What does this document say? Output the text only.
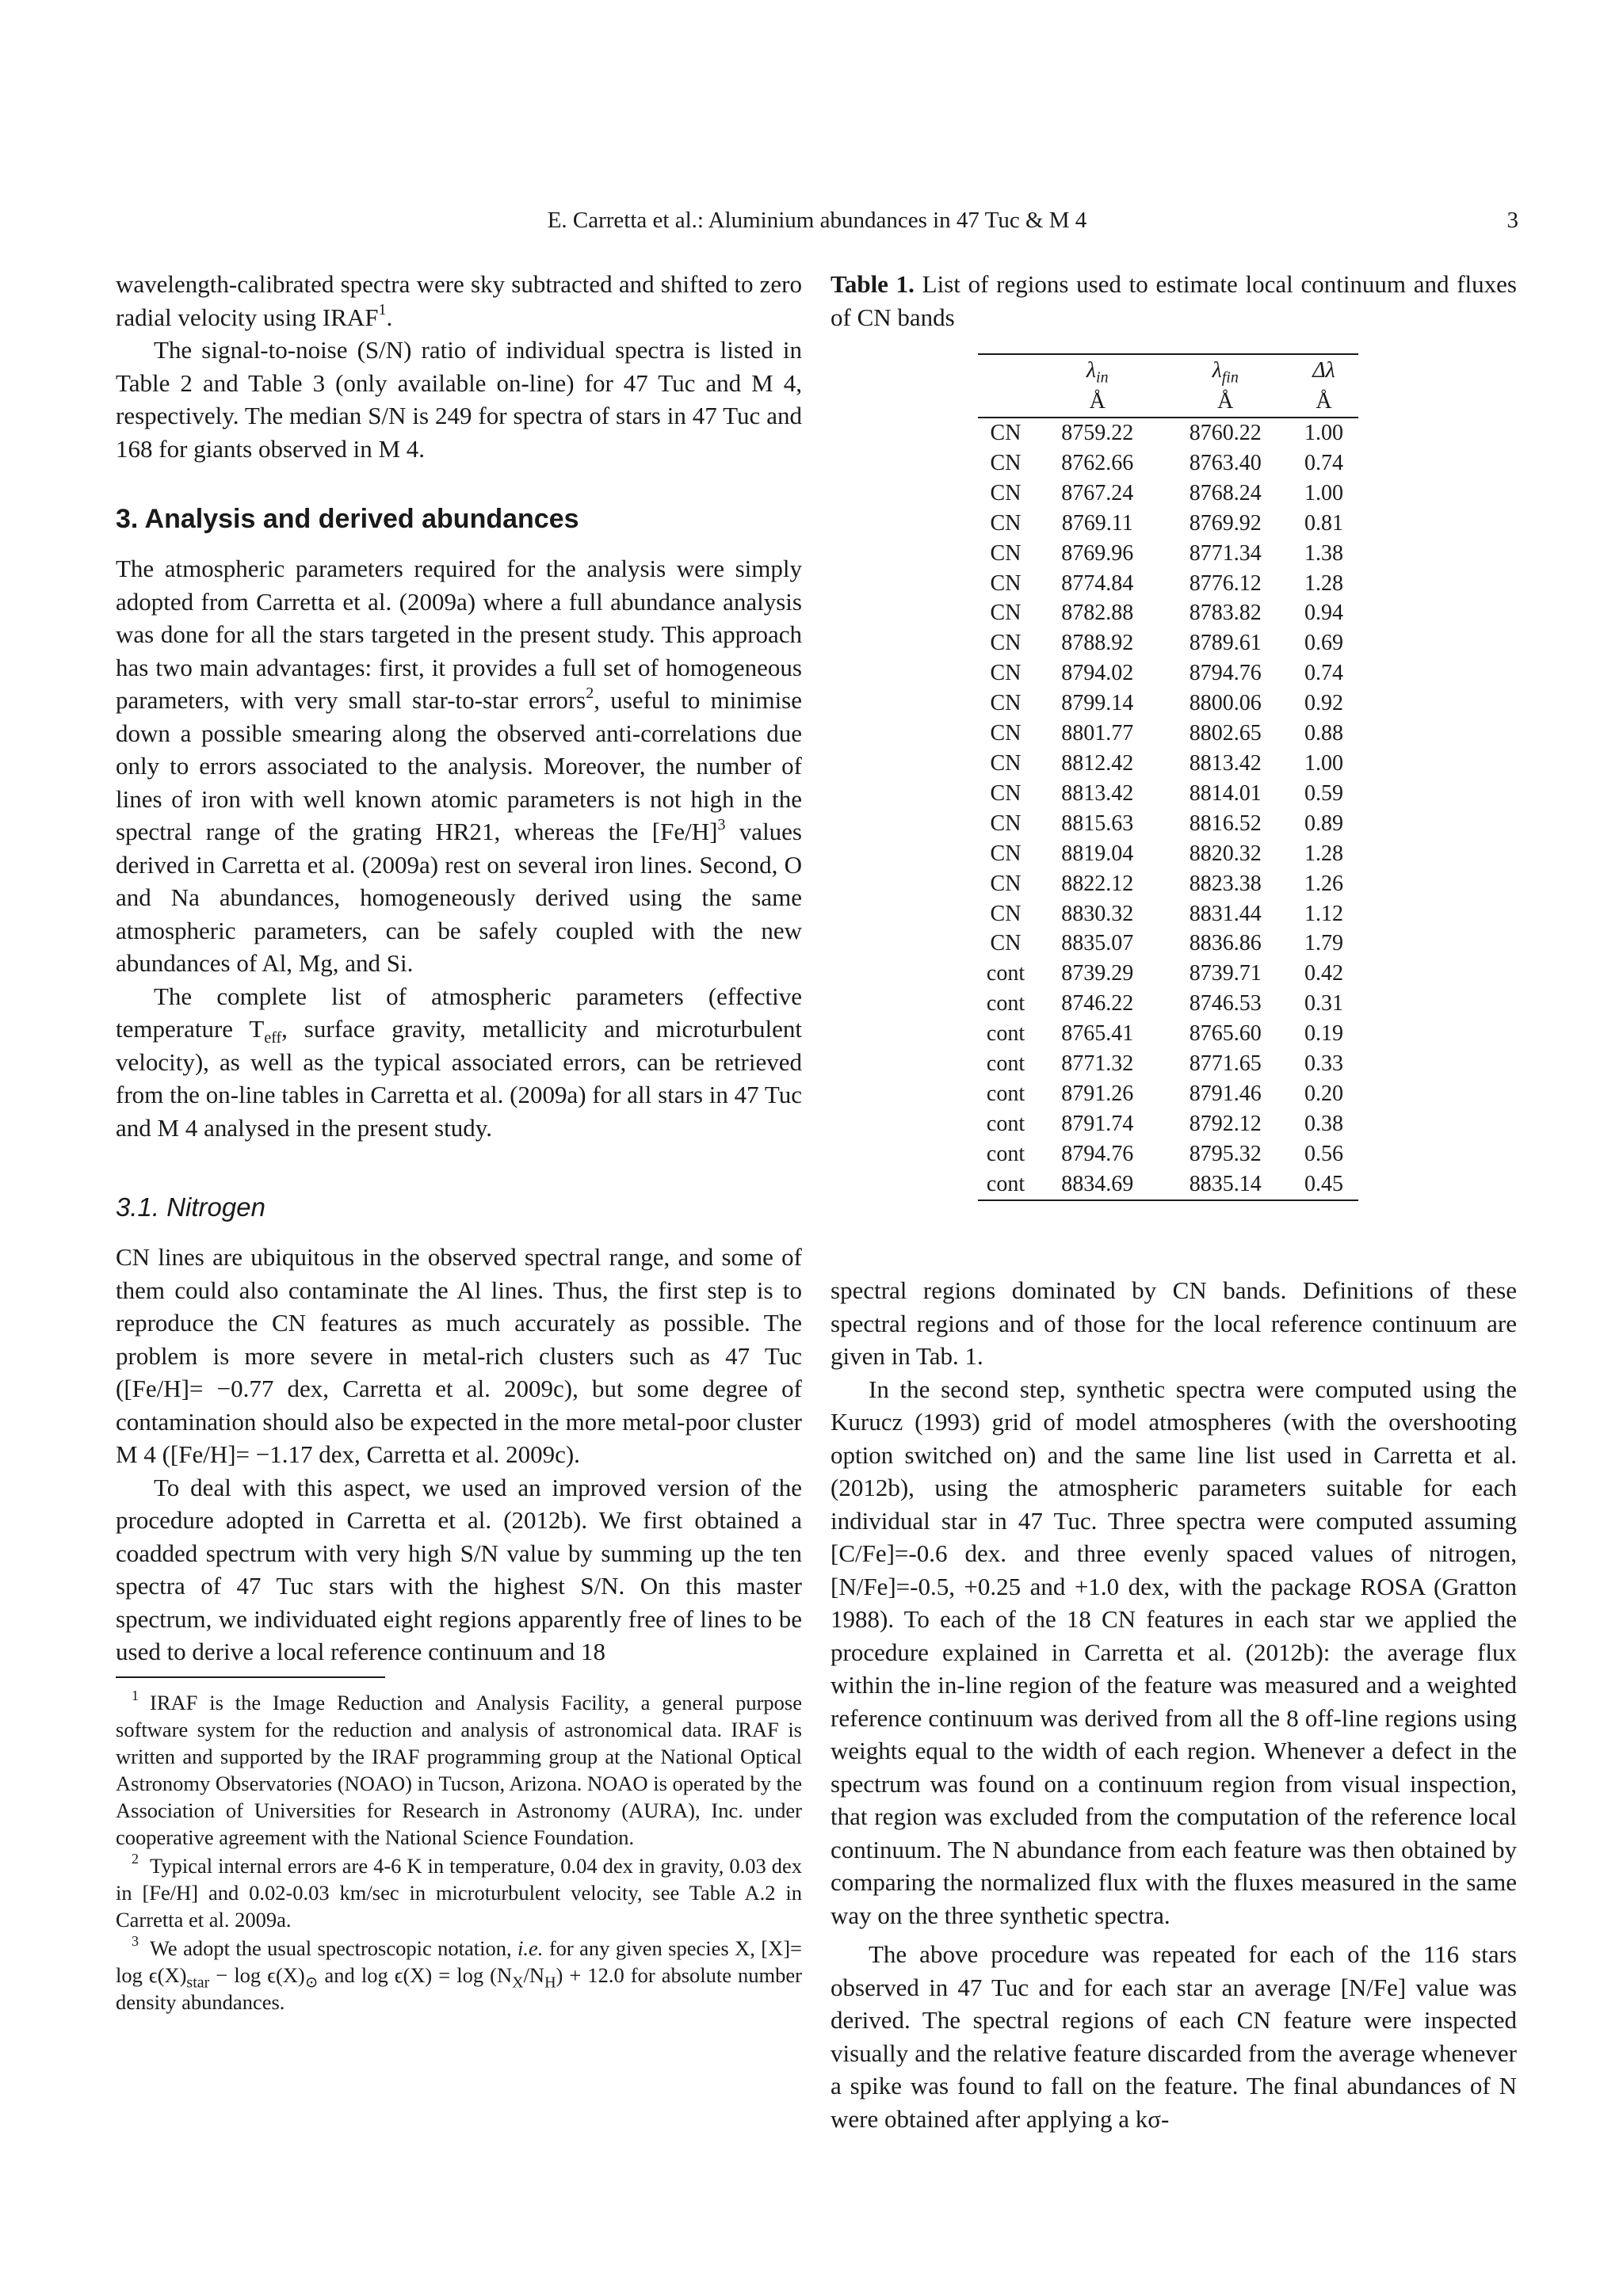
E. Carretta et al.: Aluminium abundances in 47 Tuc & M 4	3

wavelength-calibrated spectra were sky subtracted and shifted to zero radial velocity using IRAF$^1$.

The signal-to-noise (S/N) ratio of individual spectra is listed in Table 2 and Table 3 (only available on-line) for 47 Tuc and M 4, respectively. The median S/N is 249 for spectra of stars in 47 Tuc and 168 for giants observed in M 4.

3. Analysis and derived abundances

The atmospheric parameters required for the analysis were simply adopted from Carretta et al. (2009a) where a full abundance analysis was done for all the stars targeted in the present study. This approach has two main advantages: first, it provides a full set of homogeneous parameters, with very small star-to-star errors$^2$, useful to minimise down a possible smearing along the observed anti-correlations due only to errors associated to the analysis. Moreover, the number of lines of iron with well known atomic parameters is not high in the spectral range of the grating HR21, whereas the $[Fe/H]^3$ values derived in Carretta et al. (2009a) rest on several iron lines. Second, O and Na abundances, homogeneously derived using the same atmospheric parameters, can be safely coupled with the new abundances of Al, Mg, and Si.

The complete list of atmospheric parameters (effective temperature $T_{eff}$, surface gravity, metallicity and microturbulent velocity), as well as the typical associated errors, can be retrieved from the on-line tables in Carretta et al. (2009a) for all stars in 47 Tuc and M 4 analysed in the present study.

3.1. Nitrogen

CN lines are ubiquitous in the observed spectral range, and some of them could also contaminate the Al lines. Thus, the first step is to reproduce the CN features as much accurately as possible. The problem is more severe in metal-rich clusters such as 47 Tuc ([Fe/H]= −0.77 dex, Carretta et al. 2009c), but some degree of contamination should also be expected in the more metal-poor cluster M 4 ([Fe/H]= −1.17 dex, Carretta et al. 2009c).

To deal with this aspect, we used an improved version of the procedure adopted in Carretta et al. (2012b). We first obtained a coadded spectrum with very high S/N value by summing up the ten spectra of 47 Tuc stars with the highest S/N. On this master spectrum, we individuated eight regions apparently free of lines to be used to derive a local reference continuum and 18

$^1$ IRAF is the Image Reduction and Analysis Facility, a general purpose software system for the reduction and analysis of astronomical data. IRAF is written and supported by the IRAF programming group at the National Optical Astronomy Observatories (NOAO) in Tucson, Arizona. NOAO is operated by the Association of Universities for Research in Astronomy (AURA), Inc. under cooperative agreement with the National Science Foundation.

$^2$ Typical internal errors are 4-6 K in temperature, 0.04 dex in gravity, 0.03 dex in [Fe/H] and 0.02-0.03 km/sec in microturbulent velocity, see Table A.2 in Carretta et al. 2009a.

$^3$ We adopt the usual spectroscopic notation, i.e. for any given species X, $[X]= \log \epsilon(X)_{star} - \log \epsilon(X)_⊙$ and $\log \epsilon(X) = \log (N_X/N_H) + 12.0$ for absolute number density abundances.

Table 1. List of regions used to estimate local continuum and fluxes of CN bands

	$\lambda_{in}$	$\lambda_{fin}$	Δλ
	Å	Å	Å
CN	8759.22	8760.22	1.00
CN	8762.66	8763.40	0.74
CN	8767.24	8768.24	1.00
CN	8769.11	8769.92	0.81
CN	8769.96	8771.34	1.38
CN	8774.84	8776.12	1.28
CN	8782.88	8783.82	0.94
CN	8788.92	8789.61	0.69
CN	8794.02	8794.76	0.74
CN	8799.14	8800.06	0.92
CN	8801.77	8802.65	0.88
CN	8812.42	8813.42	1.00
CN	8813.42	8814.01	0.59
CN	8815.63	8816.52	0.89
CN	8819.04	8820.32	1.28
CN	8822.12	8823.38	1.26
CN	8830.32	8831.44	1.12
CN	8835.07	8836.86	1.79
cont	8739.29	8739.71	0.42
cont	8746.22	8746.53	0.31
cont	8765.41	8765.60	0.19
cont	8771.32	8771.65	0.33
cont	8791.26	8791.46	0.20
cont	8791.74	8792.12	0.38
cont	8794.76	8795.32	0.56
cont	8834.69	8835.14	0.45

spectral regions dominated by CN bands. Definitions of these spectral regions and of those for the local reference continuum are given in Tab. 1.

In the second step, synthetic spectra were computed using the Kurucz (1993) grid of model atmospheres (with the overshooting option switched on) and the same line list used in Carretta et al. (2012b), using the atmospheric parameters suitable for each individual star in 47 Tuc. Three spectra were computed assuming [C/Fe]=-0.6 dex. and three evenly spaced values of nitrogen, [N/Fe]=-0.5, +0.25 and +1.0 dex, with the package ROSA (Gratton 1988). To each of the 18 CN features in each star we applied the procedure explained in Carretta et al. (2012b): the average flux within the in-line region of the feature was measured and a weighted reference continuum was derived from all the 8 off-line regions using weights equal to the width of each region. Whenever a defect in the spectrum was found on a continuum region from visual inspection, that region was excluded from the computation of the reference local continuum. The N abundance from each feature was then obtained by comparing the normalized flux with the fluxes measured in the same way on the three synthetic spectra.

The above procedure was repeated for each of the 116 stars observed in 47 Tuc and for each star an average [N/Fe] value was derived. The spectral regions of each CN feature were inspected visually and the relative feature discarded from the average whenever a spike was found to fall on the feature. The final abundances of N were obtained after applying a kσ-
